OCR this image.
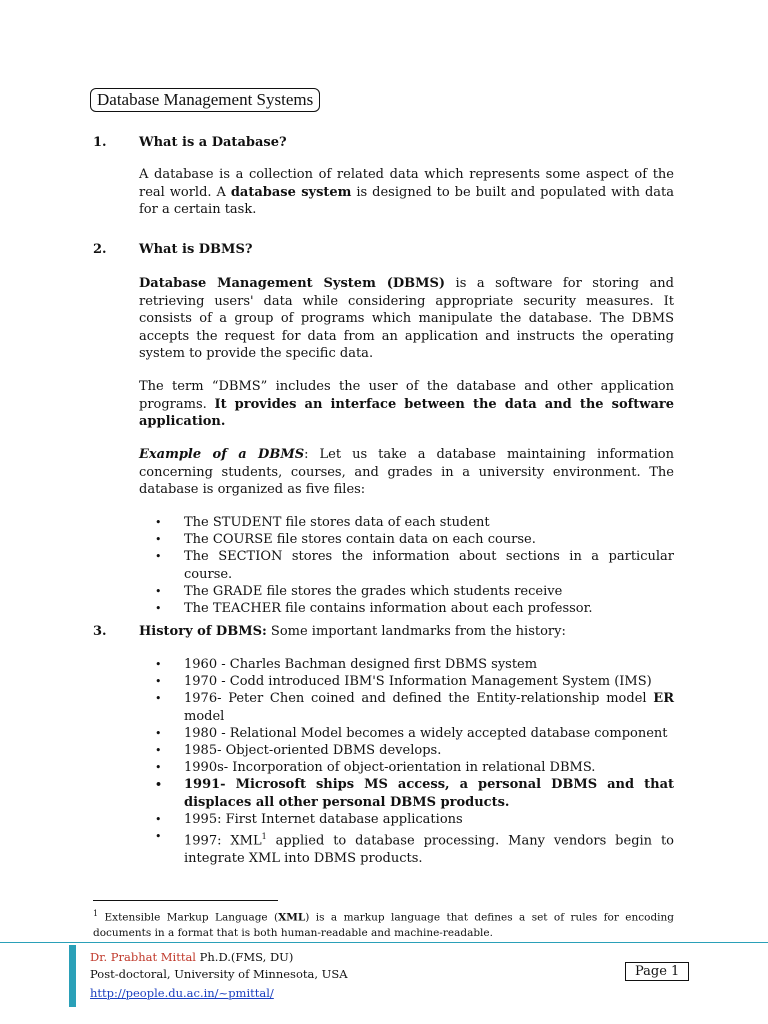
Database Management Systems
1. What is a Database?
A database is a collection of related data which represents some aspect of the real world. A database system is designed to be built and populated with data for a certain task.
2. What is DBMS?
Database Management System (DBMS) is a software for storing and retrieving users' data while considering appropriate security measures. It consists of a group of programs which manipulate the database. The DBMS accepts the request for data from an application and instructs the operating system to provide the specific data.
The term “DBMS” includes the user of the database and other application programs. It provides an interface between the data and the software application.
Example of a DBMS: Let us take a database maintaining information concerning students, courses, and grades in a university environment. The database is organized as five files:
• The STUDENT file stores data of each student
• The COURSE file stores contain data on each course.
• The SECTION stores the information about sections in a particular course.
• The GRADE file stores the grades which students receive
• The TEACHER file contains information about each professor.
3. History of DBMS: Some important landmarks from the history:
• 1960 - Charles Bachman designed first DBMS system
• 1970 - Codd introduced IBM'S Information Management System (IMS)
• 1976- Peter Chen coined and defined the Entity-relationship model ER model
• 1980 - Relational Model becomes a widely accepted database component
• 1985- Object-oriented DBMS develops.
• 1990s- Incorporation of object-orientation in relational DBMS.
• 1991- Microsoft ships MS access, a personal DBMS and that displaces all other personal DBMS products.
• 1995: First Internet database applications
• 1997: XML$^1$ applied to database processing. Many vendors begin to integrate XML into DBMS products.
$^1$ Extensible Markup Language (XML) is a markup language that defines a set of rules for encoding documents in a format that is both human-readable and machine-readable.
Dr. Prabhat Mittal Ph.D.(FMS, DU)
Post-doctoral, University of Minnesota, USA
http://people.du.ac.in/~pmittal/
Page 1
